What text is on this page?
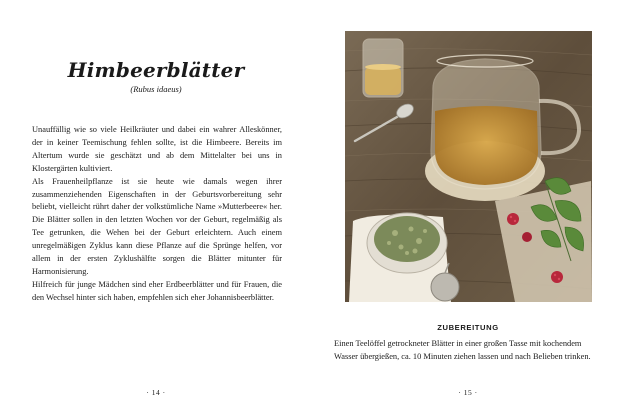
Himbeerblätter
(Rubus idaeus)

Unauffällig wie so viele Heilkräuter und dabei ein wahrer Alleskönner, der in keiner Teemischung fehlen sollte, ist die Himbeere. Bereits im Altertum wurde sie geschätzt und ab dem Mittelalter bei uns in Klostergärten kultiviert.

Als Frauenheilpflanze ist sie heute wie damals wegen ihrer zusammenziehenden Eigenschaften in der Geburtsvorbereitung sehr beliebt, vielleicht rührt daher der volkstümliche Name »Mutterbeere« her. Die Blätter sollen in den letzten Wochen vor der Geburt, regelmäßig als Tee getrunken, die Wehen bei der Geburt erleichtern. Auch einem unregelmäßigen Zyklus kann diese Pflanze auf die Sprünge helfen, vor allem in der ersten Zyklushälfte sorgen die Blätter mitunter für Harmonisierung.

Hilfreich für junge Mädchen sind eher Erdbeerblätter und für Frauen, die den Wechsel hinter sich haben, empfehlen sich eher Johannisbeerblätter.

· 14 ·
ZUBEREITUNG
Einen Teelöffel getrockneter Blätter in einer großen Tasse mit kochendem Wasser übergießen, ca. 10 Minuten ziehen lassen und nach Belieben trinken.
· 15 ·
